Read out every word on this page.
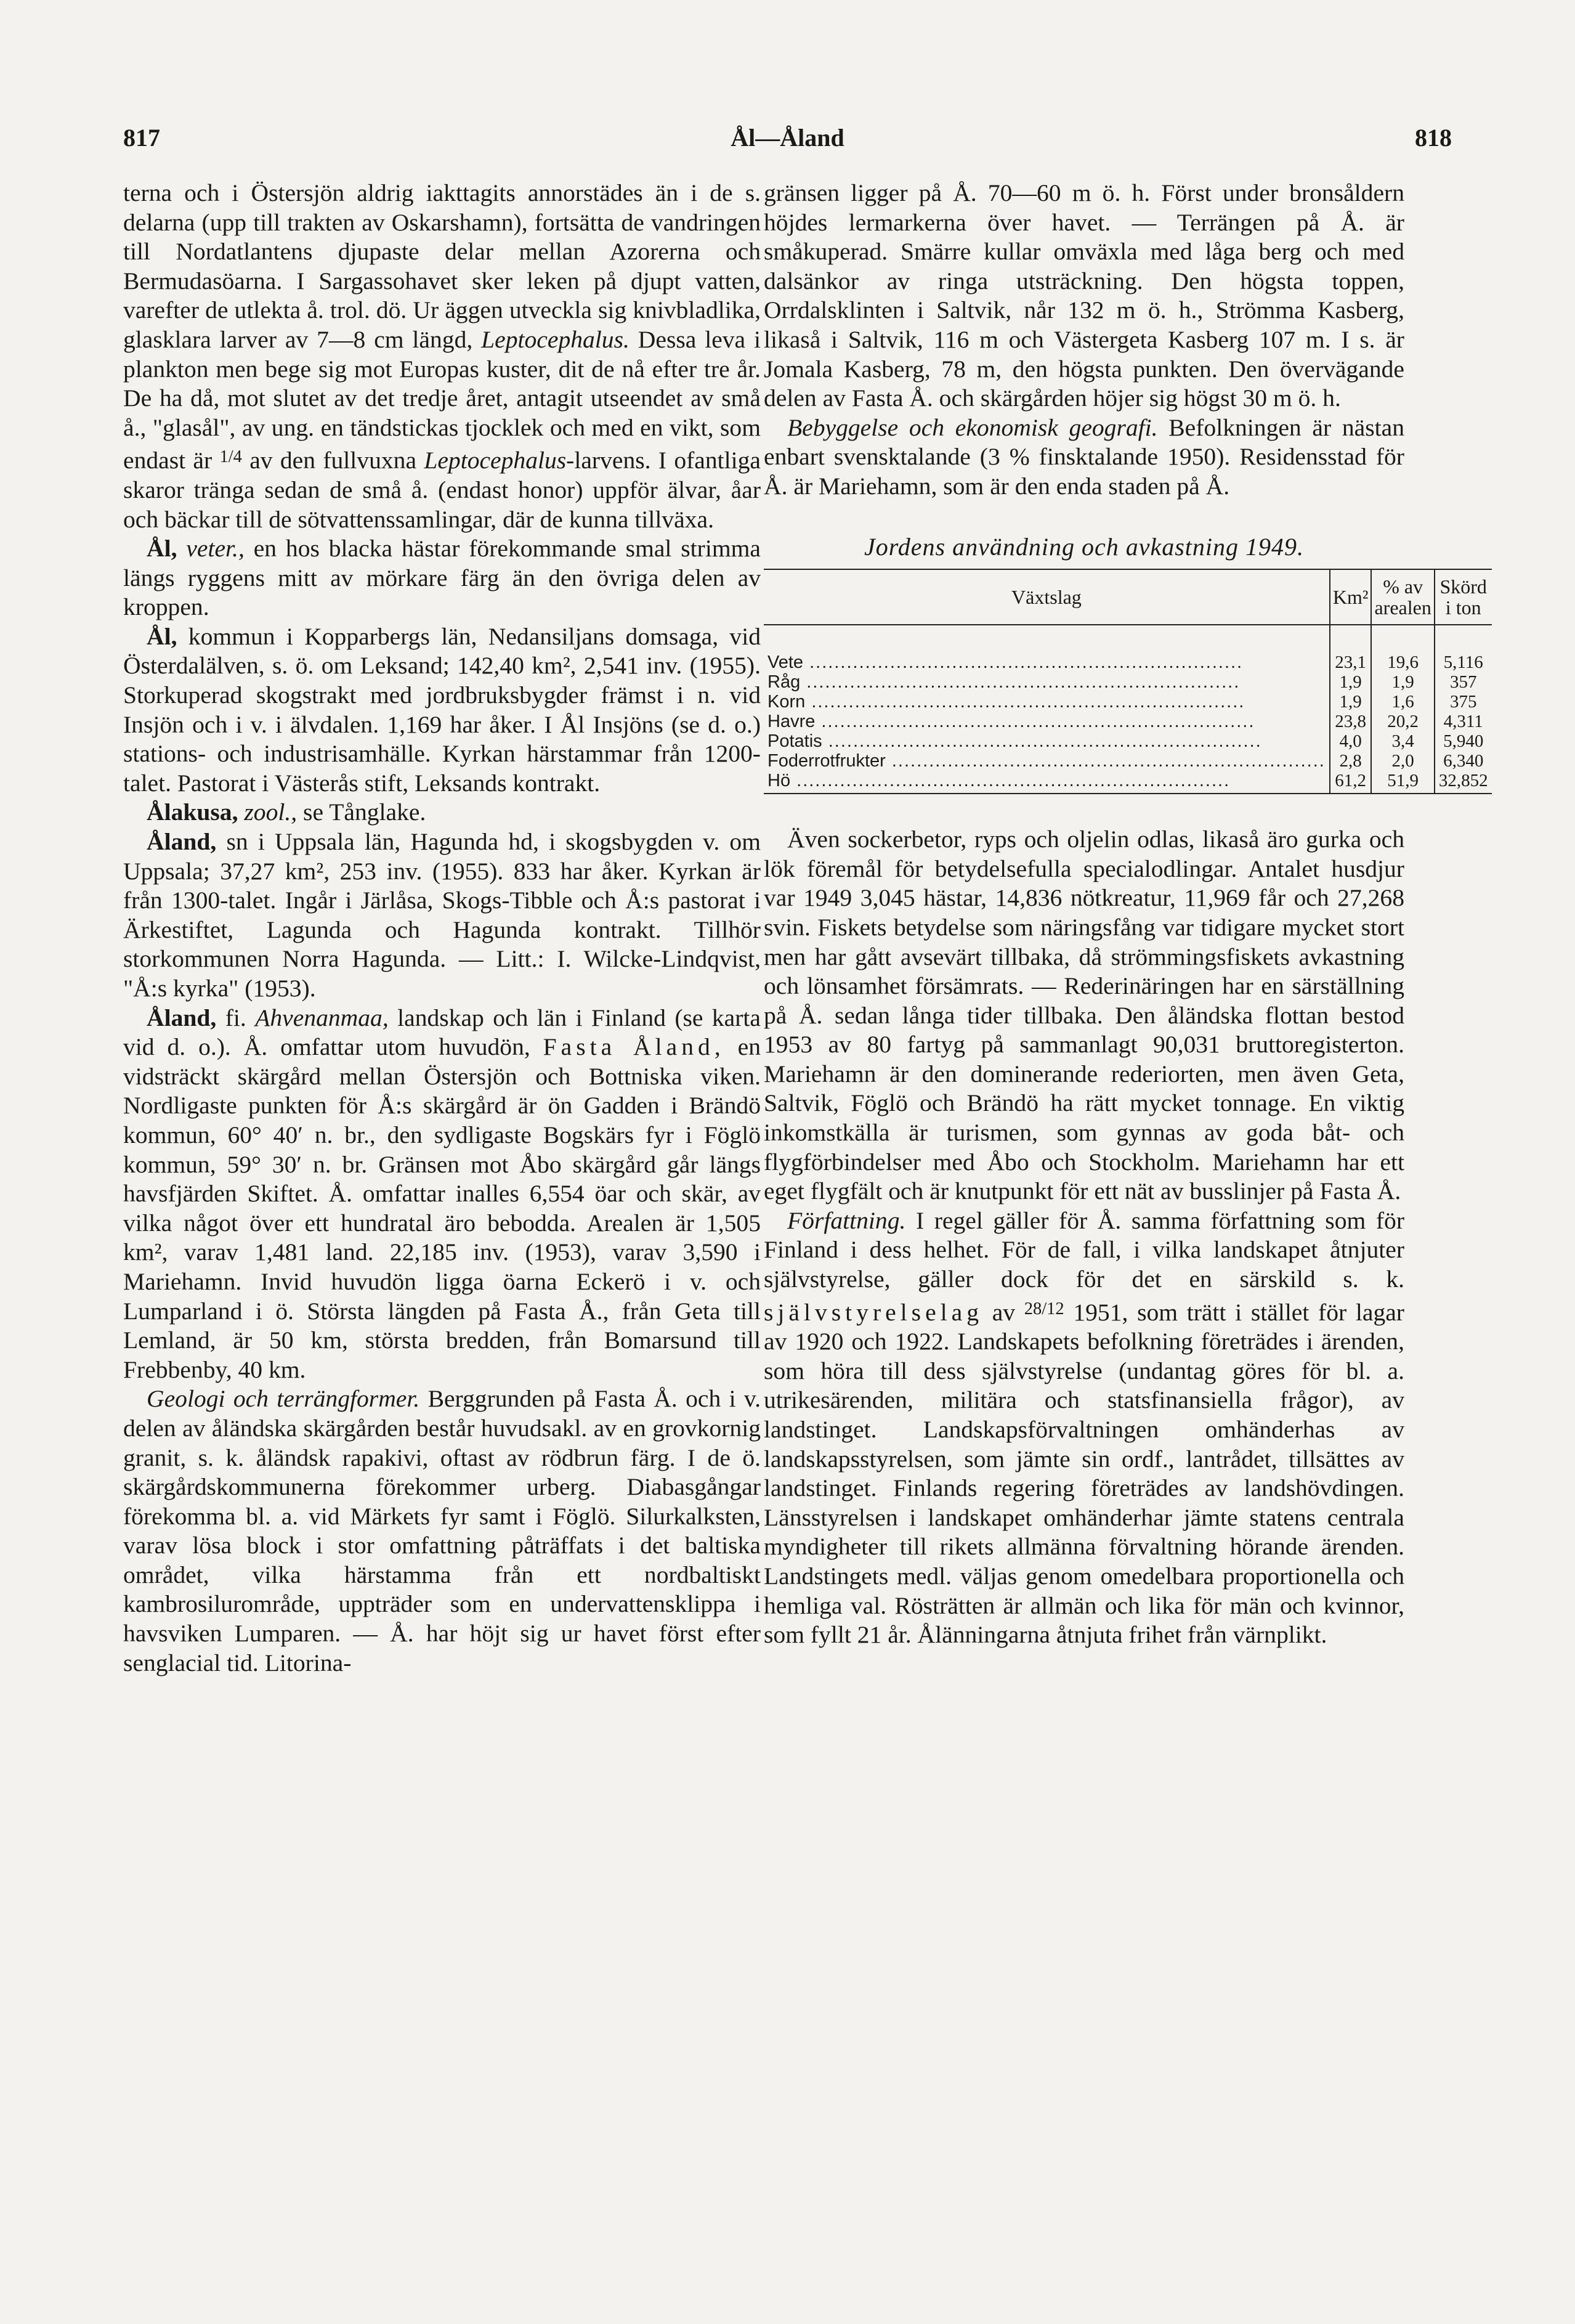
817	Ål—Åland	818

terna och i Östersjön aldrig iakttagits annorstädes än i de s. delarna (upp till trakten av Oskarshamn), fortsätta de vandringen till Nordatlantens djupaste delar mellan Azorerna och Bermudasöarna. I Sargassohavet sker leken på djupt vatten, varefter de utlekta å. trol. dö. Ur äggen utveckla sig knivbladlika, glasklara larver av 7—8 cm längd, Leptocephalus. Dessa leva i plankton men bege sig mot Europas kuster, dit de nå efter tre år. De ha då, mot slutet av det tredje året, antagit utseendet av små å., "glasål", av ung. en tändstickas tjocklek och med en vikt, som endast är $^{1/4}$ av den fullvuxna Leptocephalus-larvens. I ofantliga skaror tränga sedan de små å. (endast honor) uppför älvar, åar och bäckar till de sötvattenssamlingar, där de kunna tillväxa.

Ål, veter., en hos blacka hästar förekommande smal strimma längs ryggens mitt av mörkare färg än den övriga delen av kroppen.

Ål, kommun i Kopparbergs län, Nedansiljans domsaga, vid Österdalälven, s. ö. om Leksand; 142,40 km², 2,541 inv. (1955). Storkuperad skogstrakt med jordbruksbygder främst i n. vid Insjön och i v. i älvdalen. 1,169 har åker. I Ål Insjöns (se d. o.) stations- och industrisamhälle. Kyrkan härstammar från 1200-talet. Pastorat i Västerås stift, Leksands kontrakt.

Ålakusa, zool., se Tånglake.

Åland, sn i Uppsala län, Hagunda hd, i skogsbygden v. om Uppsala; 37,27 km², 253 inv. (1955). 833 har åker. Kyrkan är från 1300-talet. Ingår i Järlåsa, Skogs-Tibble och Å:s pastorat i Ärkestiftet, Lagunda och Hagunda kontrakt. Tillhör storkommunen Norra Hagunda. — Litt.: I. Wilcke-Lindqvist, "Å:s kyrka" (1953).

Åland, fi. Ahvenanmaa, landskap och län i Finland (se karta vid d. o.). Å. omfattar utom huvudön, Fasta Åland, en vidsträckt skärgård mellan Östersjön och Bottniska viken. Nordligaste punkten för Å:s skärgård är ön Gadden i Brändö kommun, 60° 40′ n. br., den sydligaste Bogskärs fyr i Föglö kommun, 59° 30′ n. br. Gränsen mot Åbo skärgård går längs havsfjärden Skiftet. Å. omfattar inalles 6,554 öar och skär, av vilka något över ett hundratal äro bebodda. Arealen är 1,505 km², varav 1,481 land. 22,185 inv. (1953), varav 3,590 i Mariehamn. Invid huvudön ligga öarna Eckerö i v. och Lumparland i ö. Största längden på Fasta Å., från Geta till Lemland, är 50 km, största bredden, från Bomarsund till Frebbenby, 40 km.

Geologi och terrängformer. Berggrunden på Fasta Å. och i v. delen av åländska skärgården består huvudsakl. av en grovkornig granit, s. k. åländsk rapakivi, oftast av rödbrun färg. I de ö. skärgårdskommunerna förekommer urberg. Diabasgångar förekomma bl. a. vid Märkets fyr samt i Föglö. Silurkalksten, varav lösa block i stor omfattning påträffats i det baltiska området, vilka härstamma från ett nordbaltiskt kambrosilurområde, uppträder som en undervattensklippa i havsviken Lumparen. — Å. har höjt sig ur havet först efter senglacial tid. Litorina-

gränsen ligger på Å. 70—60 m ö. h. Först under bronsåldern höjdes lermarkerna över havet. — Terrängen på Å. är småkuperad. Smärre kullar omväxla med låga berg och med dalsänkor av ringa utsträckning. Den högsta toppen, Orrdalsklinten i Saltvik, når 132 m ö. h., Strömma Kasberg, likaså i Saltvik, 116 m och Västergeta Kasberg 107 m. I s. är Jomala Kasberg, 78 m, den högsta punkten. Den övervägande delen av Fasta Å. och skärgården höjer sig högst 30 m ö. h.

Bebyggelse och ekonomisk geografi. Befolkningen är nästan enbart svensktalande (3 % finsktalande 1950). Residensstad för Å. är Mariehamn, som är den enda staden på Å.

Jordens användning och avkastning 1949.

Växtslag	Km²	% av arealen	Skörd i ton
Vete .....	23,1	19,6	5,116
Råg .....	1,9	1,9	357
Korn .....	1,9	1,6	375
Havre .....	23,8	20,2	4,311
Potatis .....	4,0	3,4	5,940
Foderrotfrukter .....	2,8	2,0	6,340
Hö .....	61,2	51,9	32,852

Även sockerbetor, ryps och oljelin odlas, likaså äro gurka och lök föremål för betydelsefulla specialodlingar. Antalet husdjur var 1949 3,045 hästar, 14,836 nötkreatur, 11,969 får och 27,268 svin. Fiskets betydelse som näringsfång var tidigare mycket stort men har gått avsevärt tillbaka, då strömmingsfiskets avkastning och lönsamhet försämrats. — Rederinäringen har en särställning på Å. sedan långa tider tillbaka. Den åländska flottan bestod 1953 av 80 fartyg på sammanlagt 90,031 bruttoregisterton. Mariehamn är den dominerande rederiorten, men även Geta, Saltvik, Föglö och Brändö ha rätt mycket tonnage. En viktig inkomstkälla är turismen, som gynnas av goda båt- och flygförbindelser med Åbo och Stockholm. Mariehamn har ett eget flygfält och är knutpunkt för ett nät av busslinjer på Fasta Å.

Författning. I regel gäller för Å. samma författning som för Finland i dess helhet. För de fall, i vilka landskapet åtnjuter självstyrelse, gäller dock för det en särskild s. k. självstyrelselag av $^{28/12}$ 1951, som trätt i stället för lagar av 1920 och 1922. Landskapets befolkning företrädes i ärenden, som höra till dess självstyrelse (undantag göres för bl. a. utrikesärenden, militära och statsfinansiella frågor), av landstinget. Landskapsförvaltningen omhänderhas av landskapsstyrelsen, som jämte sin ordf., lantrådet, tillsättes av landstinget. Finlands regering företrädes av landshövdingen. Länsstyrelsen i landskapet omhänderhar jämte statens centrala myndigheter till rikets allmänna förvaltning hörande ärenden. Landstingets medl. väljas genom omedelbara proportionella och hemliga val. Rösträtten är allmän och lika för män och kvinnor, som fyllt 21 år. Ålänningarna åtnjuta frihet från värnplikt.
